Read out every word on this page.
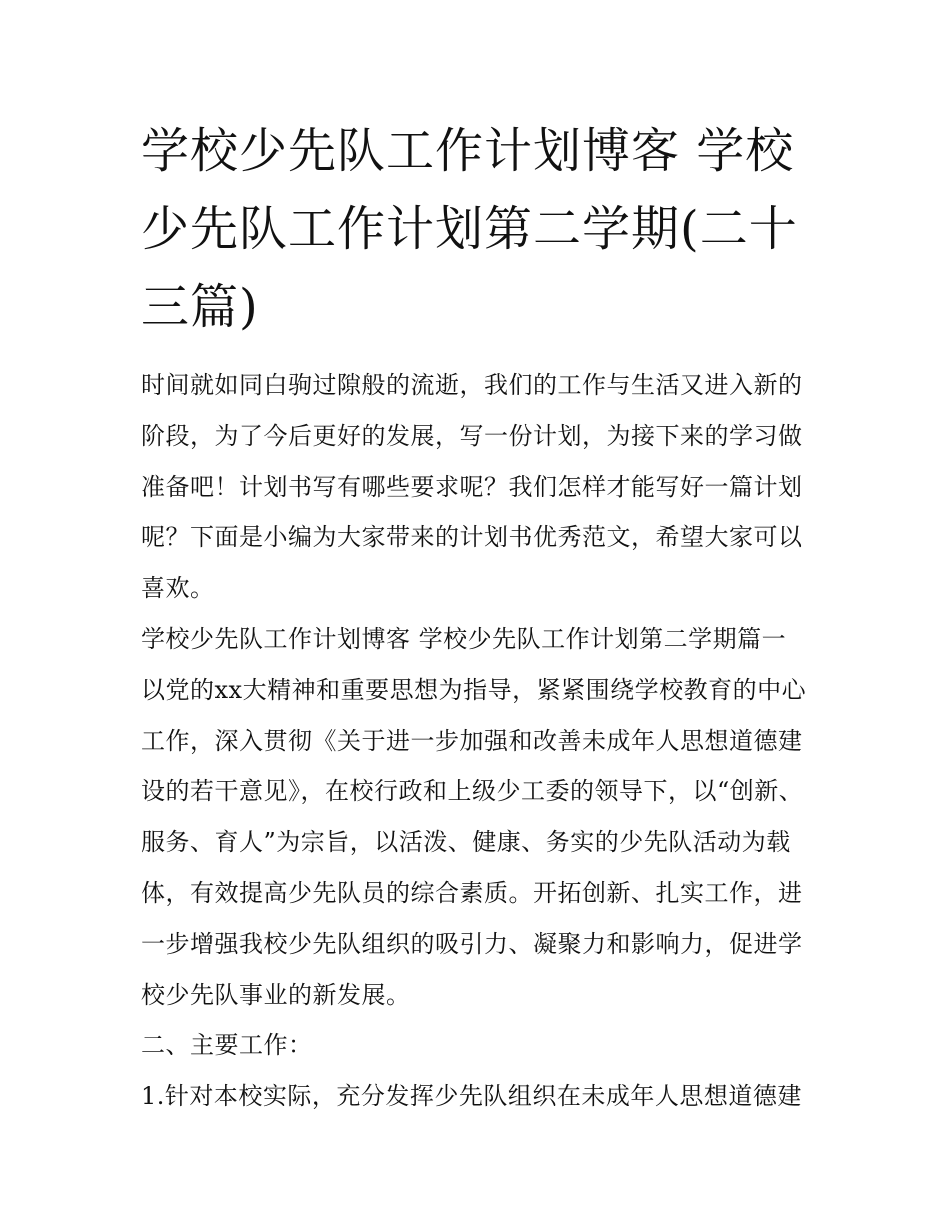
学校少先队工作计划博客 学校少先队工作计划第二学期(二十三篇)

时间就如同白驹过隙般的流逝，我们的工作与生活又进入新的阶段，为了今后更好的发展，写一份计划，为接下来的学习做准备吧！计划书写有哪些要求呢？我们怎样才能写好一篇计划呢？下面是小编为大家带来的计划书优秀范文，希望大家可以喜欢。

学校少先队工作计划博客 学校少先队工作计划第二学期篇一

以党的xx大精神和重要思想为指导，紧紧围绕学校教育的中心工作，深入贯彻《关于进一步加强和改善未成年人思想道德建设的若干意见》，在校行政和上级少工委的领导下，以“创新、服务、育人”为宗旨，以活泼、健康、务实的少先队活动为载体，有效提高少先队员的综合素质。开拓创新、扎实工作，进一步增强我校少先队组织的吸引力、凝聚力和影响力，促进学校少先队事业的新发展。

二、主要工作：

1.针对本校实际，充分发挥少先队组织在未成年人思想道德建
